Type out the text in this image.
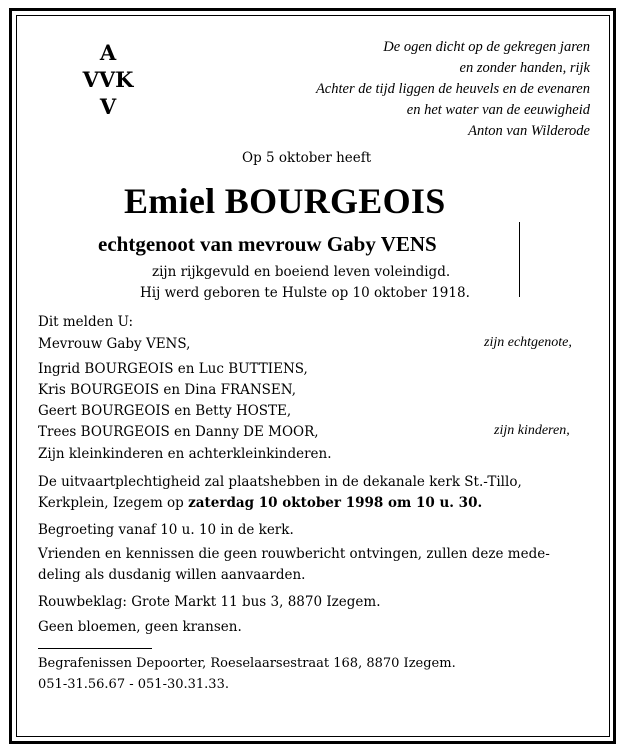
A
VVK
V
De ogen dicht op de gekregen jaren
en zonder handen, rijk
Achter de tijd liggen de heuvels en de evenaren
en het water van de eeuwigheid
Anton van Wilderode
Op 5 oktober heeft
Emiel BOURGEOIS
echtgenoot van mevrouw Gaby VENS
zijn rijkgevuld en boeiend leven voleindigd.
Hij werd geboren te Hulste op 10 oktober 1918.
Dit melden U:
Mevrouw Gaby VENS,	zijn echtgenote,
Ingrid BOURGEOIS en Luc BUTTIENS,
Kris BOURGEOIS en Dina FRANSEN,
Geert BOURGEOIS en Betty HOSTE,
Trees BOURGEOIS en Danny DE MOOR,	zijn kinderen,
Zijn kleinkinderen en achterkleinkinderen.
De uitvaartplechtigheid zal plaatshebben in de dekanale kerk St.-Tillo,
Kerkplein, Izegem op zaterdag 10 oktober 1998 om 10 u. 30.
Begroeting vanaf 10 u. 10 in de kerk.
Vrienden en kennissen die geen rouwbericht ontvingen, zullen deze mede-
deling als dusdanig willen aanvaarden.
Rouwbeklag: Grote Markt 11 bus 3, 8870 Izegem.
Geen bloemen, geen kransen.
Begrafenissen Depoorter, Roeselaarsestraat 168, 8870 Izegem.
051-31.56.67 - 051-30.31.33.
